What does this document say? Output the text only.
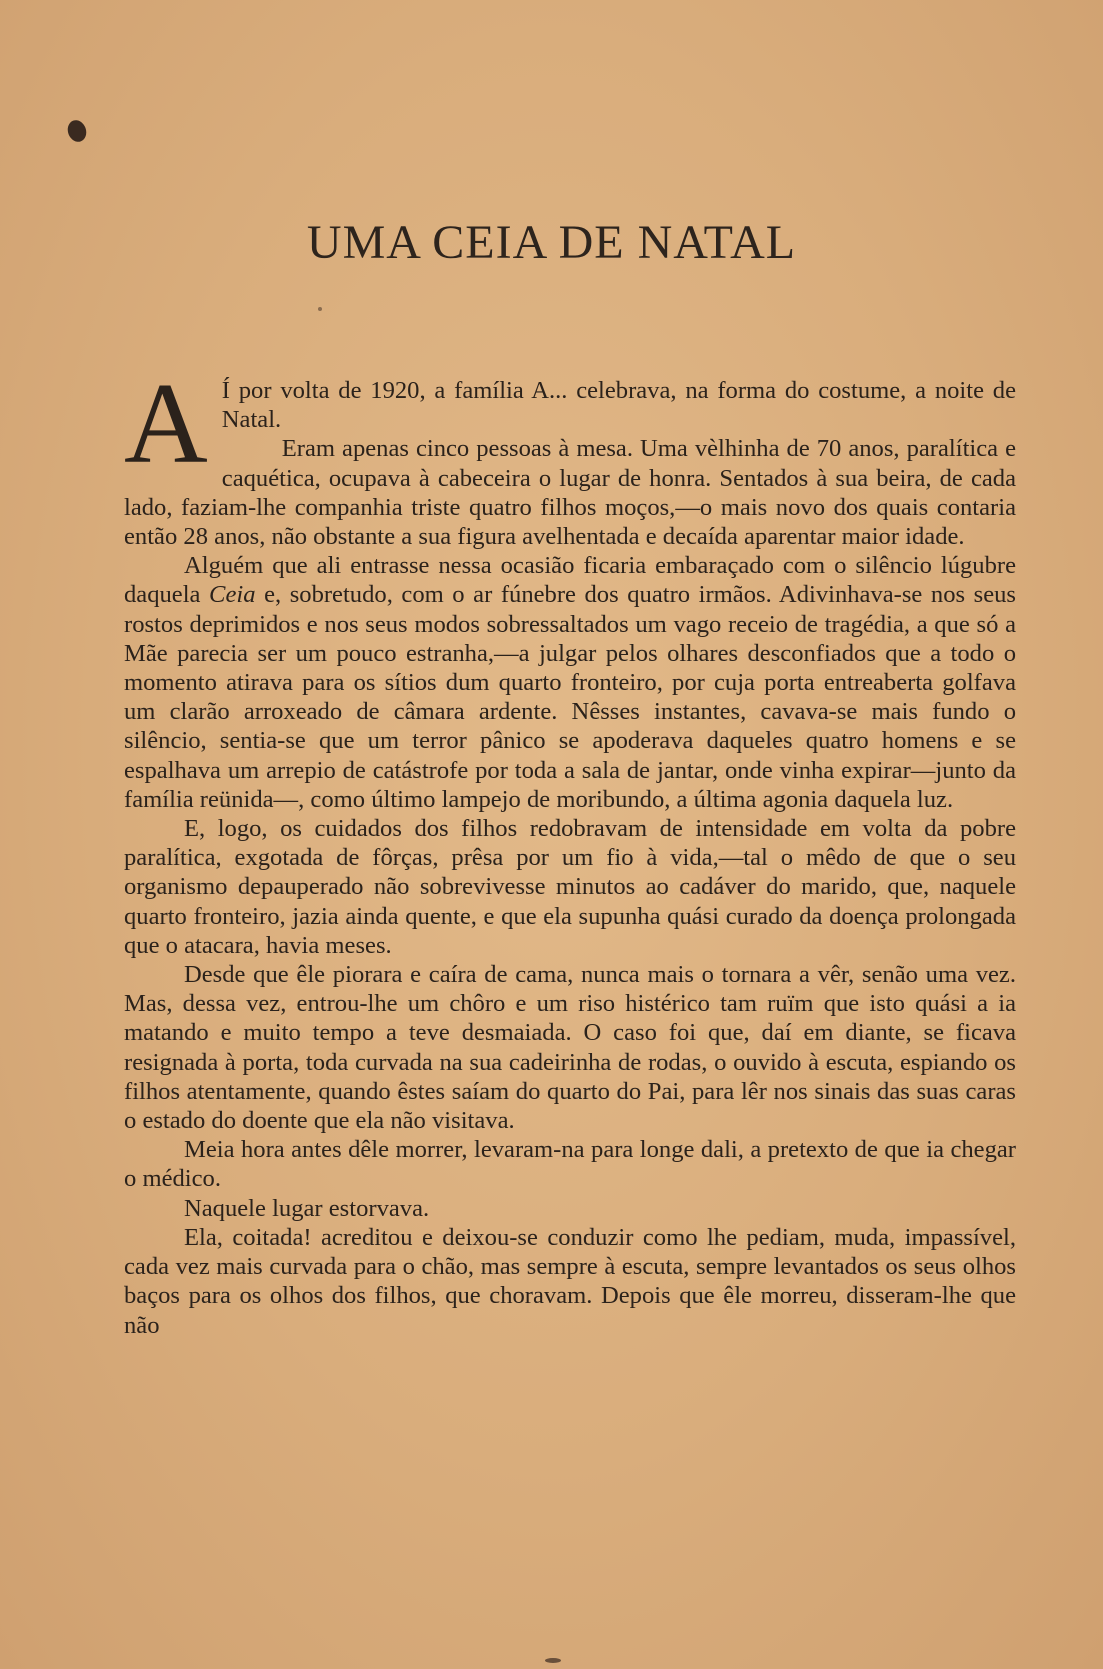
UMA CEIA DE NATAL

A Í por volta de 1920, a família A... celebrava, na forma do costume, a noite de Natal.

Eram apenas cinco pessoas à mesa. Uma vèlhinha de 70 anos, paralítica e caquética, ocupava à cabeceira o lugar de honra. Sentados à sua beira, de cada lado, faziam-lhe companhia triste quatro filhos moços,—o mais novo dos quais contaria então 28 anos, não obstante a sua figura avelhentada e decaída aparentar maior idade.

Alguém que ali entrasse nessa ocasião ficaria embaraçado com o silêncio lúgubre daquela Ceia e, sobretudo, com o ar fúnebre dos quatro irmãos. Adivinhava-se nos seus rostos deprimidos e nos seus modos sobressaltados um vago receio de tragédia, a que só a Mãe parecia ser um pouco estranha,—a julgar pelos olhares desconfiados que a todo o momento atirava para os sítios dum quarto fronteiro, por cuja porta entreaberta golfava um clarão arroxeado de câmara ardente. Nêsses instantes, cavava-se mais fundo o silêncio, sentia-se que um terror pânico se apoderava daqueles quatro homens e se espalhava um arrepio de catástrofe por toda a sala de jantar, onde vinha expirar—junto da família reünida—, como último lampejo de moribundo, a última agonia daquela luz.

E, logo, os cuidados dos filhos redobravam de intensidade em volta da pobre paralítica, exgotada de fôrças, prêsa por um fio à vida,—tal o mêdo de que o seu organismo depauperado não sobrevivesse minutos ao cadáver do marido, que, naquele quarto fronteiro, jazia ainda quente, e que ela supunha quási curado da doença prolongada que o atacara, havia meses.

Desde que êle piorara e caíra de cama, nunca mais o tornara a vêr, senão uma vez. Mas, dessa vez, entrou-lhe um chôro e um riso histérico tam ruïm que isto quási a ia matando e muito tempo a teve desmaiada. O caso foi que, daí em diante, se ficava resignada à porta, toda curvada na sua cadeirinha de rodas, o ouvido à escuta, espiando os filhos atentamente, quando êstes saíam do quarto do Pai, para lêr nos sinais das suas caras o estado do doente que ela não visitava.

Meia hora antes dêle morrer, levaram-na para longe dali, a pretexto de que ia chegar o médico.

Naquele lugar estorvava.

Ela, coitada! acreditou e deixou-se conduzir como lhe pediam, muda, impassível, cada vez mais curvada para o chão, mas sempre à escuta, sempre levantados os seus olhos baços para os olhos dos filhos, que choravam. Depois que êle morreu, disseram-lhe que não
